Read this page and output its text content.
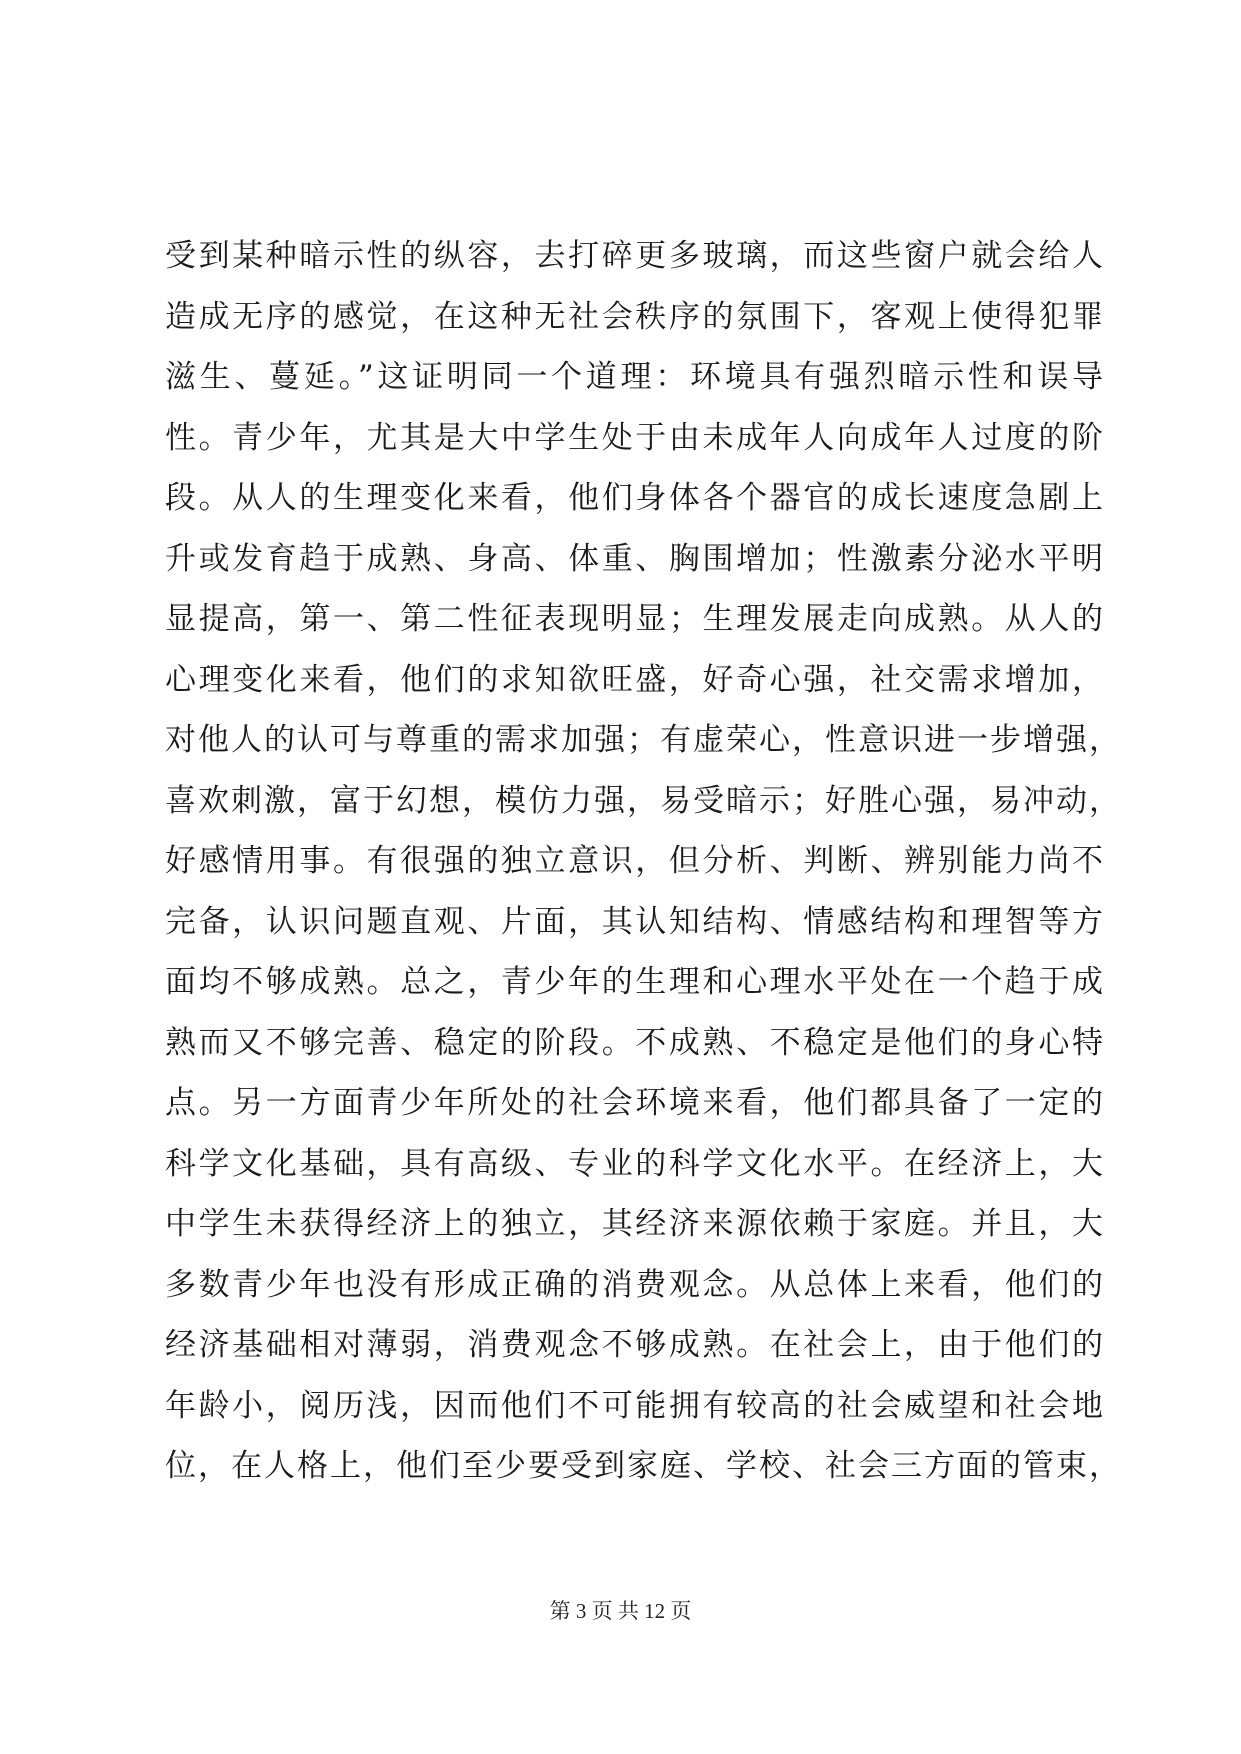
受到某种暗示性的纵容，去打碎更多玻璃，而这些窗户就会给人
造成无序的感觉，在这种无社会秩序的氛围下，客观上使得犯罪
滋生、蔓延。”这证明同一个道理：环境具有强烈暗示性和误导
性。青少年，尤其是大中学生处于由未成年人向成年人过度的阶
段。从人的生理变化来看，他们身体各个器官的成长速度急剧上
升或发育趋于成熟、身高、体重、胸围增加；性激素分泌水平明
显提高，第一、第二性征表现明显；生理发展走向成熟。从人的
心理变化来看，他们的求知欲旺盛，好奇心强，社交需求增加，
对他人的认可与尊重的需求加强；有虚荣心，性意识进一步增强，
喜欢刺激，富于幻想，模仿力强，易受暗示；好胜心强，易冲动，
好感情用事。有很强的独立意识，但分析、判断、辨别能力尚不
完备，认识问题直观、片面，其认知结构、情感结构和理智等方
面均不够成熟。总之，青少年的生理和心理水平处在一个趋于成
熟而又不够完善、稳定的阶段。不成熟、不稳定是他们的身心特
点。另一方面青少年所处的社会环境来看，他们都具备了一定的
科学文化基础，具有高级、专业的科学文化水平。在经济上，大
中学生未获得经济上的独立，其经济来源依赖于家庭。并且，大
多数青少年也没有形成正确的消费观念。从总体上来看，他们的
经济基础相对薄弱，消费观念不够成熟。在社会上，由于他们的
年龄小，阅历浅，因而他们不可能拥有较高的社会威望和社会地
位，在人格上，他们至少要受到家庭、学校、社会三方面的管束，
第 3 页 共 12 页
